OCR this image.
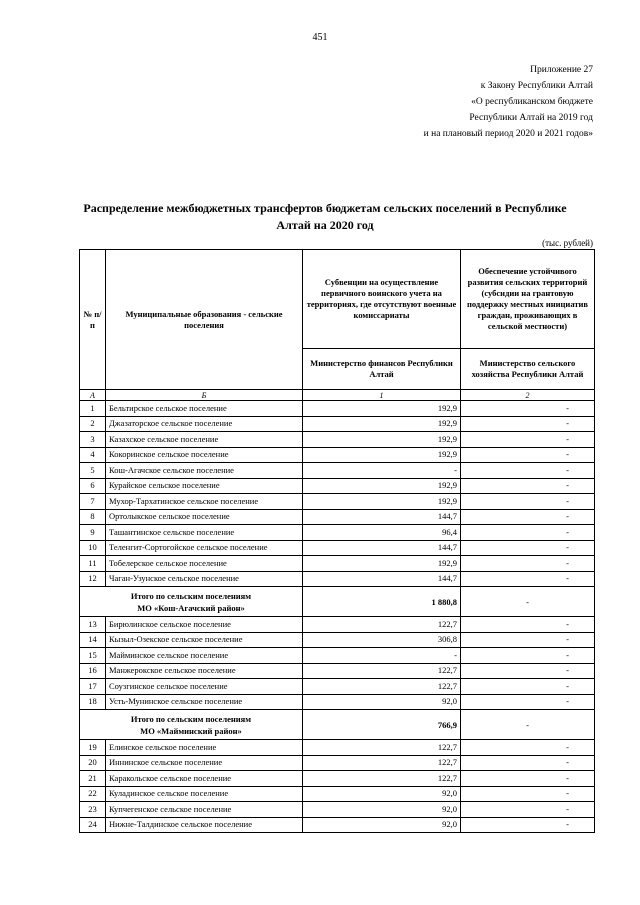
451
Приложение 27
к Закону Республики Алтай
«О республиканском бюджете
Республики Алтай на 2019 год
и на плановый период 2020 и 2021 годов»
Распределение межбюджетных трансфертов бюджетам сельских поселений в Республике
Алтай на 2020 год
(тыс. рублей)
№ п/п	Муниципальные образования - сельские поселения	Субвенции на осуществление первичного воинского учета на территориях, где отсутствуют военные комиссариаты	Обеспечение устойчивого развития сельских территорий (субсидии на грантовую поддержку местных инициатив граждан, проживающих в сельской местности)
		Министерство финансов Республики Алтай	Министерство сельского хозяйства Республики Алтай
А	Б	1	2
1	Бельтирское сельское поселение	192,9	-
2	Джазаторское сельское поселение	192,9	-
3	Казахское сельское поселение	192,9	-
4	Кокоринское сельское поселение	192,9	-
5	Кош-Агачское сельское поселение	-	-
6	Курайское сельское поселение	192,9	-
7	Мухор-Тархатинское сельское поселение	192,9	-
8	Ортолыкское сельское поселение	144,7	-
9	Ташантинское сельское поселение	96,4	-
10	Теленгит-Сортогойское сельское поселение	144,7	-
11	Тобелерское сельское поселение	192,9	-
12	Чаган-Узунское сельское поселение	144,7	-

Итого по сельским поселениям
МО «Кош-Агачский район»		1 880,8	-
13	Бирюлинское сельское поселение	122,7	-
14	Кызыл-Озекское сельское поселение	306,8	-
15	Майминское сельское поселение	-	-
16	Манжерокское сельское поселение	122,7	-
17	Соузгинское сельское поселение	122,7	-
18	Усть-Мунинское сельское поселение	92,0	-

Итого по сельским поселениям
МО «Майминский район»		766,9	-
19	Елинское сельское поселение	122,7	-
20	Иннинское сельское поселение	122,7	-
21	Каракольское сельское поселение	122,7	-
22	Куладинское сельское поселение	92,0	-
23	Купчегенское сельское поселение	92,0	-
24	Нижне-Талдинское сельское поселение	92,0	-
